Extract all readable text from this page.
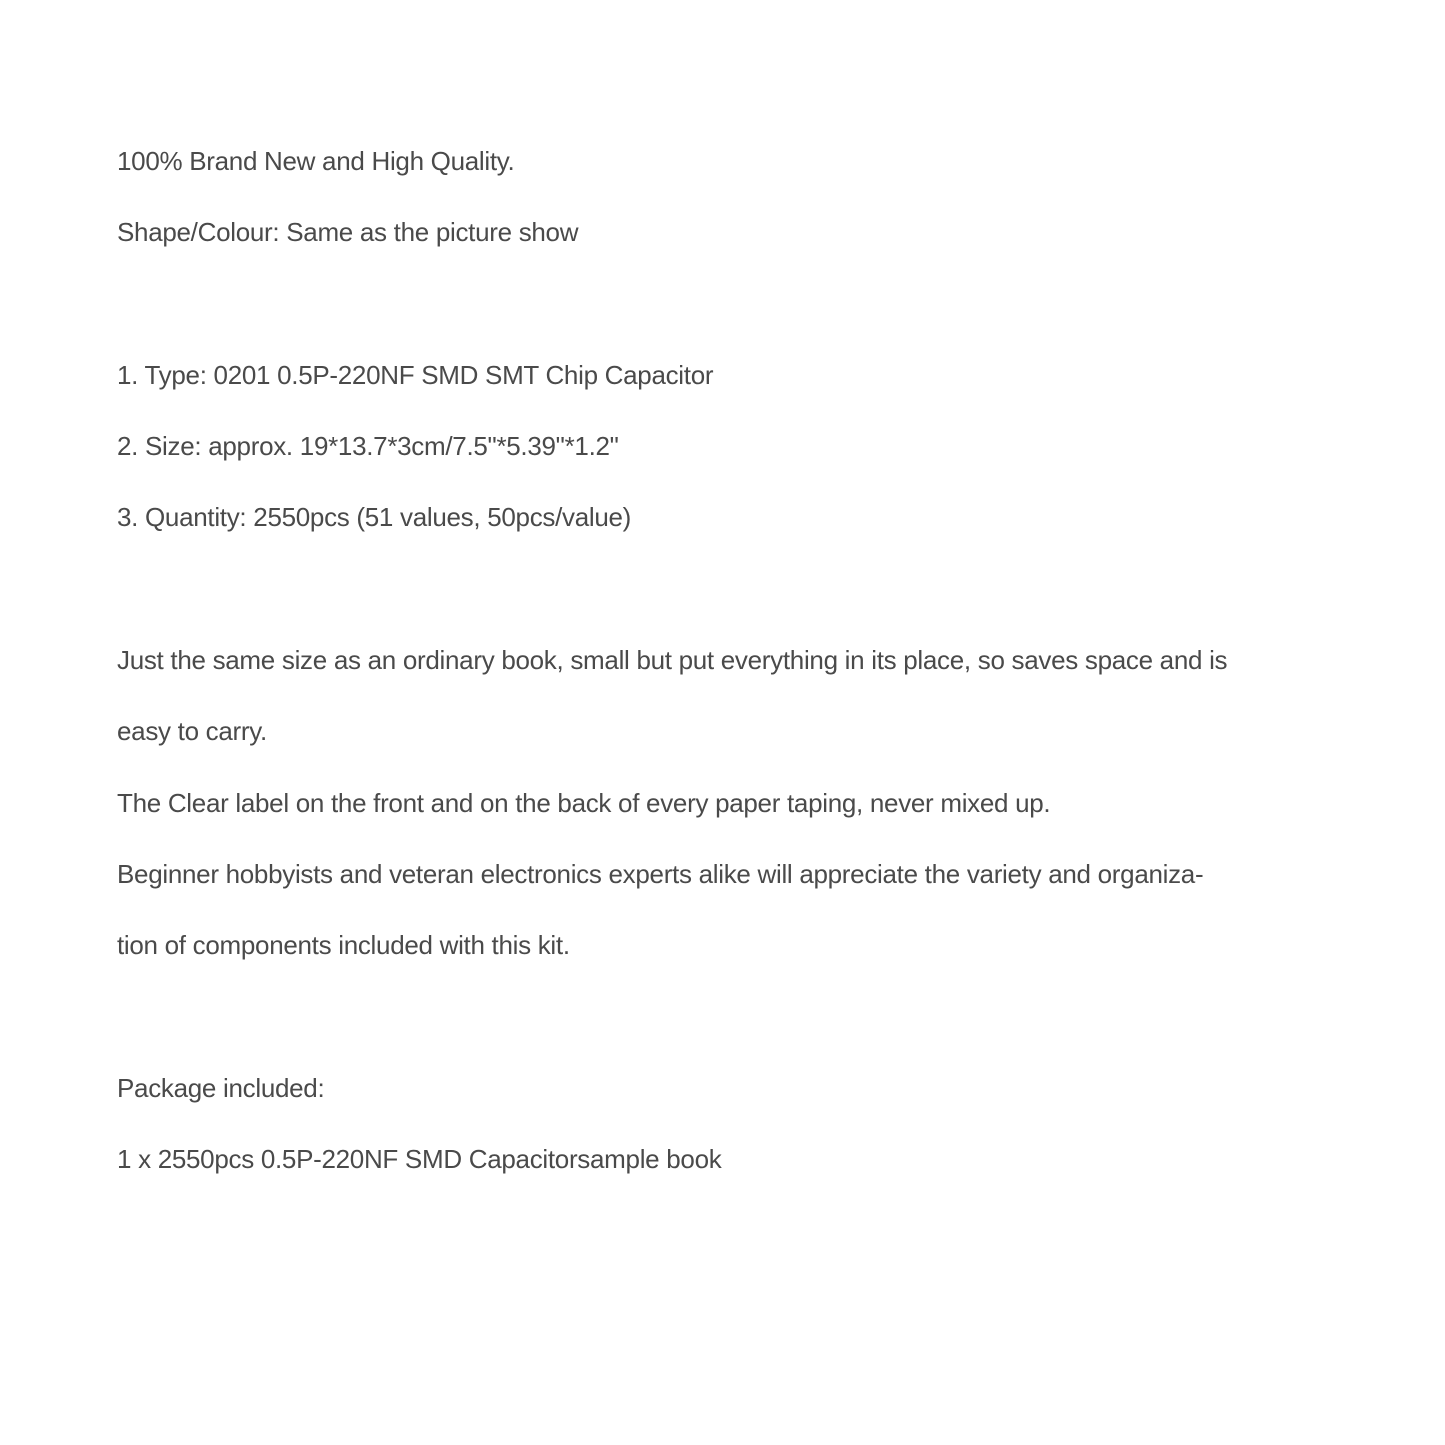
100% Brand New and High Quality.

Shape/Colour: Same as the picture show

1. Type: 0201 0.5P-220NF SMD SMT Chip Capacitor

2. Size: approx. 19*13.7*3cm/7.5"*5.39"*1.2"

3. Quantity: 2550pcs (51 values, 50pcs/value)

Just the same size as an ordinary book, small but put everything in its place, so saves space and is

easy to carry.

The Clear label on the front and on the back of every paper taping, never mixed up.

Beginner hobbyists and veteran electronics experts alike will appreciate the variety and organiza-

tion of components included with this kit.

Package included:

1 x 2550pcs 0.5P-220NF SMD Capacitorsample book
